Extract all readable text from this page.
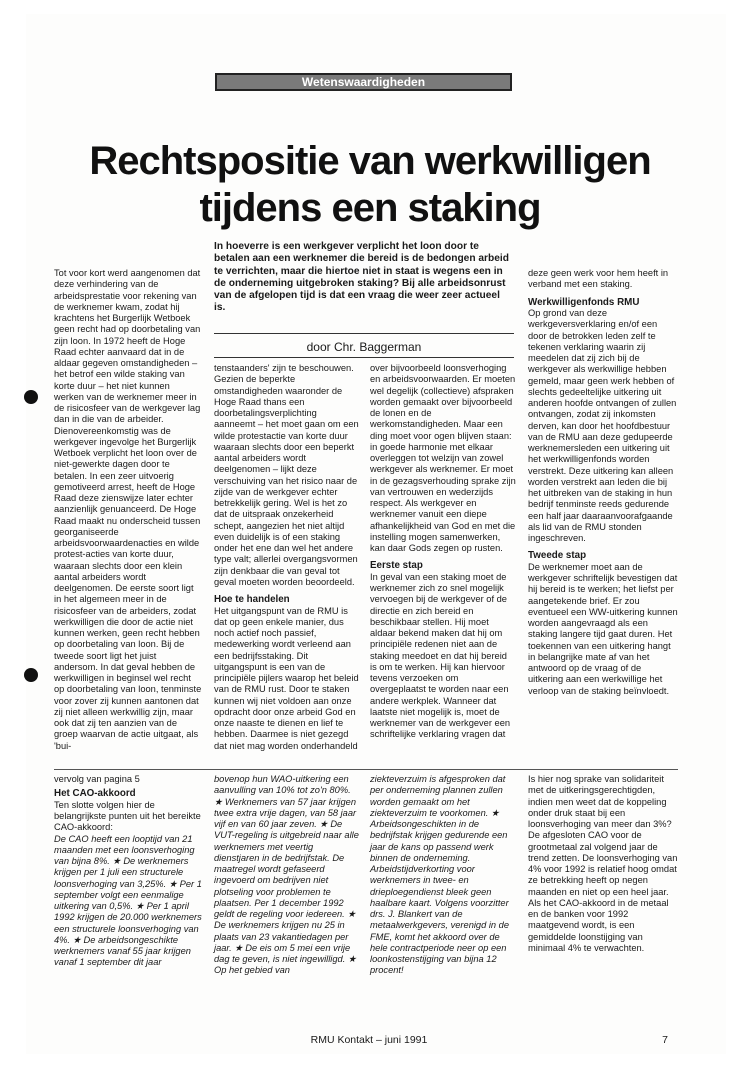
Wetenswaardigheden
Rechtspositie van werkwilligen
tijdens een staking
In hoeverre is een werkgever verplicht het loon door te betalen aan een werknemer die bereid is de bedongen arbeid te verrichten, maar die hiertoe niet in staat is wegens een in de onderneming uitgebroken staking? Bij alle arbeidsonrust van de afgelopen tijd is dat een vraag die weer zeer actueel is.
door Chr. Baggerman

Tot voor kort werd aangenomen dat deze verhindering van de arbeidsprestatie voor rekening van de werknemer kwam, zodat hij krachtens het Burgerlijk Wetboek geen recht had op doorbetaling van zijn loon. In 1972 heeft de Hoge Raad echter aanvaard dat in de aldaar gegeven omstandigheden – het betrof een wilde staking van korte duur – het niet kunnen werken van de werknemer meer in de risicosfeer van de werkgever lag dan in die van de arbeider. Dienovereenkomstig was de werkgever ingevolge het Burgerlijk Wetboek verplicht het loon over de niet-gewerkte dagen door te betalen. In een zeer uitvoerig gemotiveerd arrest, heeft de Hoge Raad deze zienswijze later echter aanzienlijk genuanceerd. De Hoge Raad maakt nu onderscheid tussen georganiseerde arbeidsvoorwaardenacties en wilde protest-acties van korte duur, waaraan slechts door een klein aantal arbeiders wordt deelgenomen. De eerste soort ligt in het algemeen meer in de risicosfeer van de arbeiders, zodat werkwilligen die door de actie niet kunnen werken, geen recht hebben op doorbetaling van loon. Bij de tweede soort ligt het juist andersom. In dat geval hebben de werkwilligen in beginsel wel recht op doorbetaling van loon, tenminste voor zover zij kunnen aantonen dat zij niet alleen werkwillig zijn, maar ook dat zij ten aanzien van de groep waarvan de actie uitgaat, als 'bui-

tenstaanders' zijn te beschouwen. Gezien de beperkte omstandigheden waaronder de Hoge Raad thans een doorbetalingsverplichting aanneemt – het moet gaan om een wilde protestactie van korte duur waaraan slechts door een beperkt aantal arbeiders wordt deelgenomen – lijkt deze verschuiving van het risico naar de zijde van de werkgever echter betrekkelijk gering. Wel is het zo dat de uitspraak onzekerheid schept, aangezien het niet altijd even duidelijk is of een staking onder het ene dan wel het andere type valt; allerlei overgangsvormen zijn denkbaar die van geval tot geval moeten worden beoordeeld.

Hoe te handelen

Het uitgangspunt van de RMU is dat op geen enkele manier, dus noch actief noch passief, medewerking wordt verleend aan een bedrijfsstaking. Dit uitgangspunt is een van de principiële pijlers waarop het beleid van de RMU rust. Door te staken kunnen wij niet voldoen aan onze opdracht door onze arbeid God en onze naaste te dienen en lief te hebben. Daarmee is niet gezegd dat niet mag worden onderhandeld

over bijvoorbeeld loonsverhoging en arbeidsvoorwaarden. Er moeten wel degelijk (collectieve) afspraken worden gemaakt over bijvoorbeeld de lonen en de werkomstandigheden. Maar een ding moet voor ogen blijven staan: in goede harmonie met elkaar overleggen tot welzijn van zowel werkgever als werknemer. Er moet in de gezagsverhouding sprake zijn van vertrouwen en wederzijds respect. Als werkgever en werknemer vanuit een diepe afhankelijkheid van God en met die instelling mogen samenwerken, kan daar Gods zegen op rusten.

Eerste stap

In geval van een staking moet de werknemer zich zo snel mogelijk vervoegen bij de werkgever of de directie en zich bereid en beschikbaar stellen. Hij moet aldaar bekend maken dat hij om principiële redenen niet aan de staking meedoet en dat hij bereid is om te werken. Hij kan hiervoor tevens verzoeken om overgeplaatst te worden naar een andere werkplek. Wanneer dat laatste niet mogelijk is, moet de werknemer van de werkgever een schriftelijke verklaring vragen dat

deze geen werk voor hem heeft in verband met een staking.

Werkwilligenfonds RMU

Op grond van deze werkgeversverklaring en/of een door de betrokken leden zelf te tekenen verklaring waarin zij meedelen dat zij zich bij de werkgever als werkwillige hebben gemeld, maar geen werk hebben of slechts gedeeltelijke uitkering uit anderen hoofde ontvangen of zullen ontvangen, zodat zij inkomsten derven, kan door het hoofdbestuur van de RMU aan deze gedupeerde werknemersleden een uitkering uit het werkwilligenfonds worden verstrekt. Deze uitkering kan alleen worden verstrekt aan leden die bij het uitbreken van de staking in hun bedrijf tenminste reeds gedurende een half jaar daaraanvoorafgaande als lid van de RMU stonden ingeschreven.

Tweede stap

De werknemer moet aan de werkgever schriftelijk bevestigen dat hij bereid is te werken; het liefst per aangetekende brief. Er zou eventueel een WW-uitkering kunnen worden aangevraagd als een staking langere tijd gaat duren. Het toekennen van een uitkering hangt in belangrijke mate af van het antwoord op de vraag of de uitkering aan een werkwillige het verloop van de staking beïnvloedt.

vervolg van pagina 5

Het CAO-akkoord

Ten slotte volgen hier de belangrijkste punten uit het bereikte CAO-akkoord:

De CAO heeft een looptijd van 21 maanden met een loonsverhoging van bijna 8%. ★ De werknemers krijgen per 1 juli een structurele loonsverhoging van 3,25%. ★ Per 1 september volgt een eenmalige uitkering van 0,5%. ★ Per 1 april 1992 krijgen de 20.000 werknemers een structurele loonsverhoging van 4%. ★ De arbeidsongeschikte werknemers vanaf 55 jaar krijgen vanaf 1 september dit jaar

bovenop hun WAO-uitkering een aanvulling van 10% tot zo'n 80%. ★ Werknemers van 57 jaar krijgen twee extra vrije dagen, van 58 jaar vijf en van 60 jaar zeven. ★ De VUT-regeling is uitgebreid naar alle werknemers met veertig dienstjaren in de bedrijfstak. De maatregel wordt gefaseerd ingevoerd om bedrijven niet plotseling voor problemen te plaatsen. Per 1 december 1992 geldt de regeling voor iedereen. ★ De werknemers krijgen nu 25 in plaats van 23 vakantiedagen per jaar. ★ De eis om 5 mei een vrije dag te geven, is niet ingewilligd. ★ Op het gebied van

ziekteverzuim is afgesproken dat per onderneming plannen zullen worden gemaakt om het ziekteverzuim te voorkomen. ★ Arbeidsongeschikten in de bedrijfstak krijgen gedurende een jaar de kans op passend werk binnen de onderneming. Arbeidstijdverkorting voor werknemers in twee- en drieploegendienst bleek geen haalbare kaart. Volgens voorzitter drs. J. Blankert van de metaalwerkgevers, verenigd in de FME, komt het akkoord over de hele contractperiode neer op een loonkostenstijging van bijna 12 procent!

Is hier nog sprake van solidariteit met de uitkeringsgerechtigden, indien men weet dat de koppeling onder druk staat bij een loonsverhoging van meer dan 3%? De afgesloten CAO voor de grootmetaal zal volgend jaar de trend zetten. De loonsverhoging van 4% voor 1992 is relatief hoog omdat ze betrekking heeft op negen maanden en niet op een heel jaar. Als het CAO-akkoord in de metaal en de banken voor 1992 maatgevend wordt, is een gemiddelde loonstijging van minimaal 4% te verwachten.

RMU Kontakt – juni 1991	7
